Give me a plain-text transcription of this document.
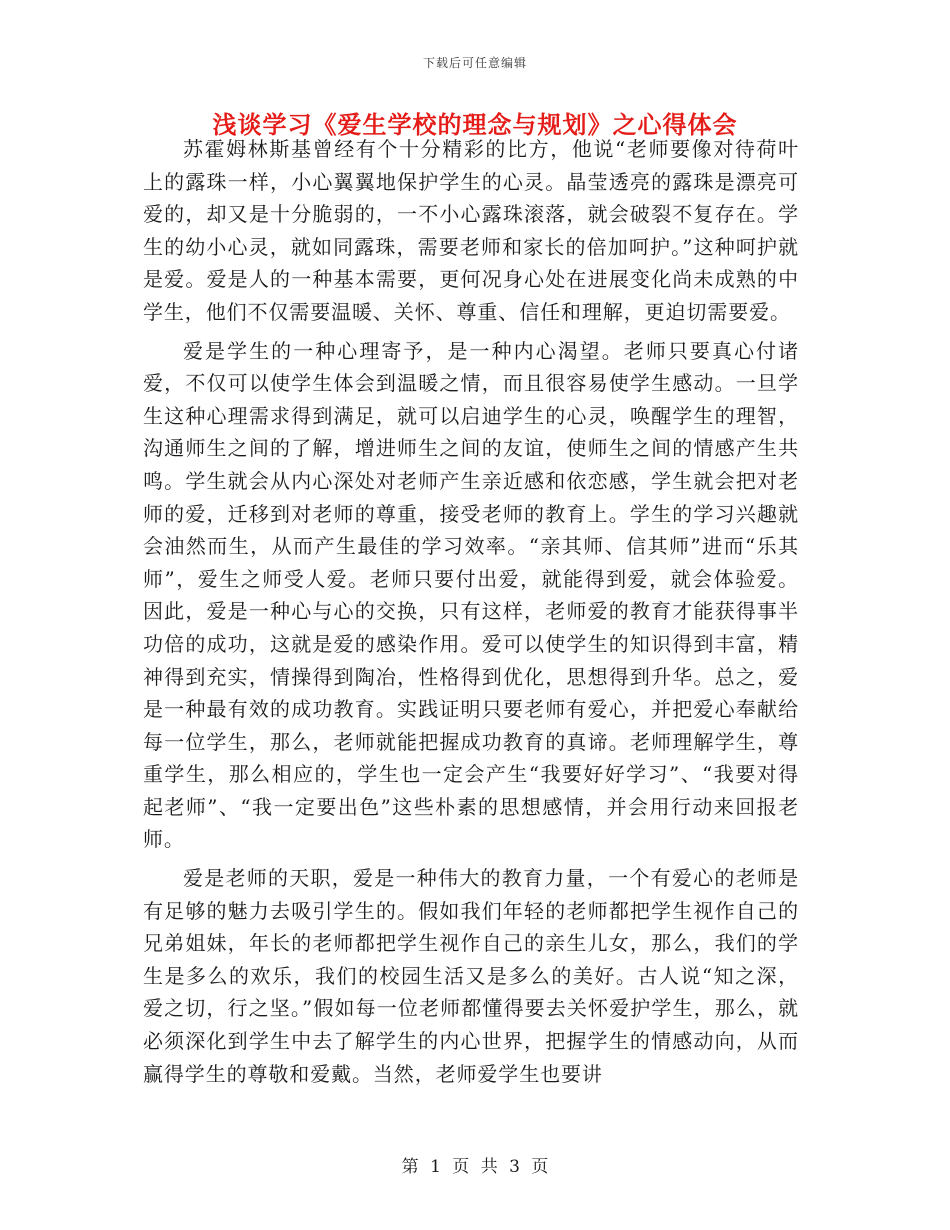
下载后可任意编辑
浅谈学习《爱生学校的理念与规划》之心得体会

苏霍姆林斯基曾经有个十分精彩的比方，他说“老师要像对待荷叶上的露珠一样，小心翼翼地保护学生的心灵。晶莹透亮的露珠是漂亮可爱的，却又是十分脆弱的，一不小心露珠滚落，就会破裂不复存在。学生的幼小心灵，就如同露珠，需要老师和家长的倍加呵护。”这种呵护就是爱。爱是人的一种基本需要，更何况身心处在进展变化尚未成熟的中学生，他们不仅需要温暖、关怀、尊重、信任和理解，更迫切需要爱。

爱是学生的一种心理寄予，是一种内心渴望。老师只要真心付诸爱，不仅可以使学生体会到温暖之情，而且很容易使学生感动。一旦学生这种心理需求得到满足，就可以启迪学生的心灵，唤醒学生的理智，沟通师生之间的了解，增进师生之间的友谊，使师生之间的情感产生共鸣。学生就会从内心深处对老师产生亲近感和依恋感，学生就会把对老师的爱，迁移到对老师的尊重，接受老师的教育上。学生的学习兴趣就会油然而生，从而产生最佳的学习效率。“亲其师、信其师”进而“乐其师”，爱生之师受人爱。老师只要付出爱，就能得到爱，就会体验爱。因此，爱是一种心与心的交换，只有这样，老师爱的教育才能获得事半功倍的成功，这就是爱的感染作用。爱可以使学生的知识得到丰富，精神得到充实，情操得到陶冶，性格得到优化，思想得到升华。总之，爱是一种最有效的成功教育。实践证明只要老师有爱心，并把爱心奉献给每一位学生，那么，老师就能把握成功教育的真谛。老师理解学生，尊重学生，那么相应的，学生也一定会产生“我要好好学习”、“我要对得起老师”、“我一定要出色”这些朴素的思想感情，并会用行动来回报老师。

爱是老师的天职，爱是一种伟大的教育力量，一个有爱心的老师是有足够的魅力去吸引学生的。假如我们年轻的老师都把学生视作自己的兄弟姐妹，年长的老师都把学生视作自己的亲生儿女，那么，我们的学生是多么的欢乐，我们的校园生活又是多么的美好。古人说“知之深，爱之切，行之坚。”假如每一位老师都懂得要去关怀爱护学生，那么，就必须深化到学生中去了解学生的内心世界，把握学生的情感动向，从而赢得学生的尊敬和爱戴。当然，老师爱学生也要讲

第 1 页 共 3 页
